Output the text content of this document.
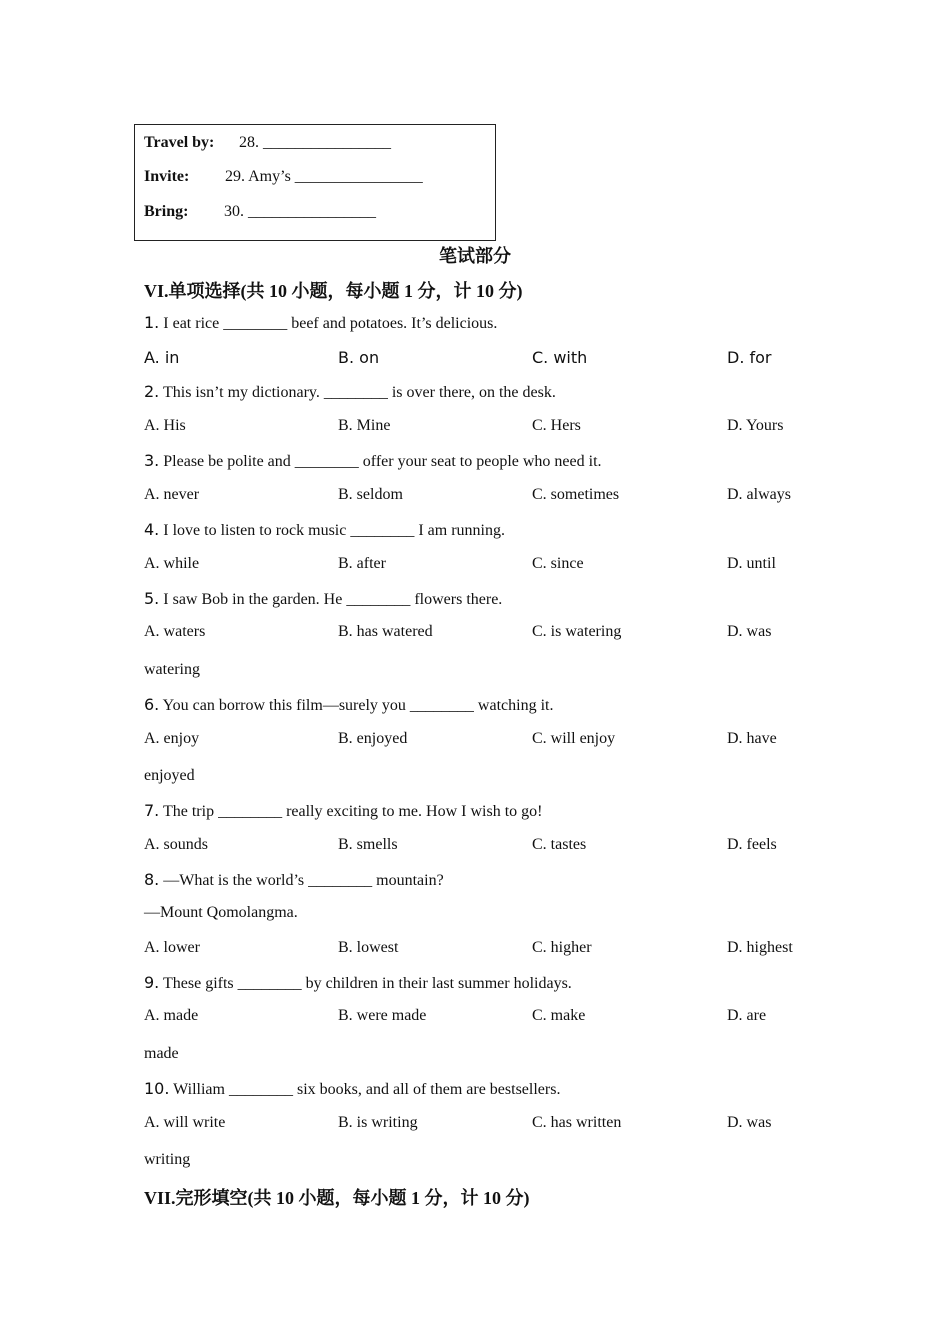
Travel by: 28. ________________
Invite: 29. Amy’s ________________
Bring: 30. ________________
笔试部分
VI.单项选择(共 10 小题，每小题 1 分，计 10 分)
1. I eat rice ________ beef and potatoes. It’s delicious.
A. in	B. on	C. with	D. for
2. This isn’t my dictionary. ________ is over there, on the desk.
A. His	B. Mine	C. Hers	D. Yours
3. Please be polite and ________ offer your seat to people who need it.
A. never	B. seldom	C. sometimes	D. always
4. I love to listen to rock music ________ I am running.
A. while	B. after	C. since	D. until
5. I saw Bob in the garden. He ________ flowers there.
A. waters	B. has watered	C. is watering	D. was
watering
6. You can borrow this film—surely you ________ watching it.
A. enjoy	B. enjoyed	C. will enjoy	D. have
enjoyed
7. The trip ________ really exciting to me. How I wish to go!
A. sounds	B. smells	C. tastes	D. feels
8. —What is the world’s ________ mountain?
—Mount Qomolangma.
A. lower	B. lowest	C. higher	D. highest
9. These gifts ________ by children in their last summer holidays.
A. made	B. were made	C. make	D. are
made
10. William ________ six books, and all of them are bestsellers.
A. will write	B. is writing	C. has written	D. was
writing
VII.完形填空(共 10 小题，每小题 1 分，计 10 分)
